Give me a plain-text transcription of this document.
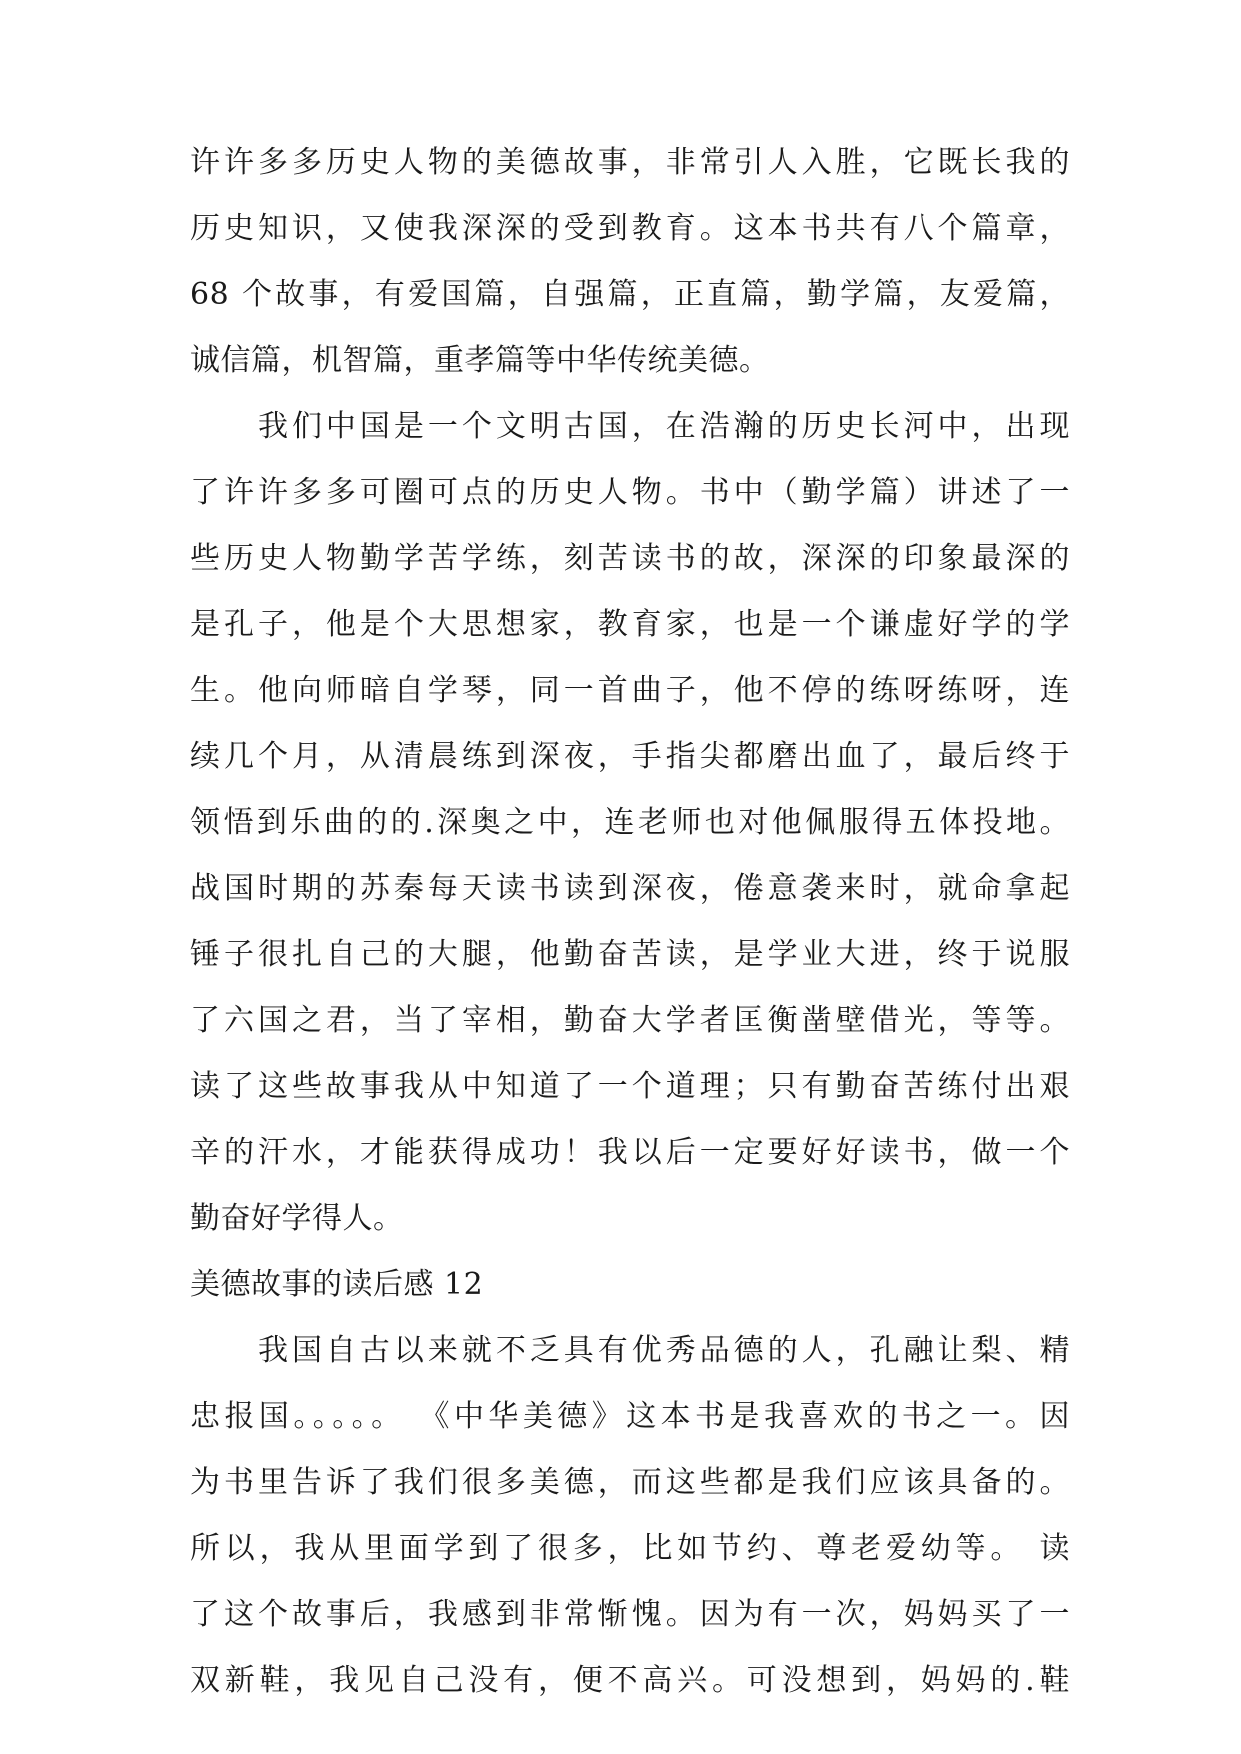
许许多多历史人物的美德故事，非常引人入胜，它既长我的
历史知识，又使我深深的受到教育。这本书共有八个篇章，
68 个故事，有爱国篇，自强篇，正直篇，勤学篇，友爱篇，
诚信篇，机智篇，重孝篇等中华传统美德。
　　我们中国是一个文明古国，在浩瀚的历史长河中，出现
了许许多多可圈可点的历史人物。书中（勤学篇）讲述了一
些历史人物勤学苦学练，刻苦读书的故，深深的印象最深的
是孔子，他是个大思想家，教育家，也是一个谦虚好学的学
生。他向师暗自学琴，同一首曲子，他不停的练呀练呀，连
续几个月，从清晨练到深夜，手指尖都磨出血了，最后终于
领悟到乐曲的的.深奥之中，连老师也对他佩服得五体投地。
战国时期的苏秦每天读书读到深夜，倦意袭来时，就命拿起
锤子很扎自己的大腿，他勤奋苦读，是学业大进，终于说服
了六国之君，当了宰相，勤奋大学者匡衡凿壁借光，等等。
读了这些故事我从中知道了一个道理；只有勤奋苦练付出艰
辛的汗水，才能获得成功！我以后一定要好好读书，做一个
勤奋好学得人。
美德故事的读后感 12
　　我国自古以来就不乏具有优秀品德的人，孔融让梨、精
忠报国。。。。。 《中华美德》这本书是我喜欢的书之一。因
为书里告诉了我们很多美德，而这些都是我们应该具备的。
所以，我从里面学到了很多，比如节约、尊老爱幼等。 读
了这个故事后，我感到非常惭愧。因为有一次，妈妈买了一
双新鞋，我见自己没有，便不高兴。可没想到，妈妈的.鞋
